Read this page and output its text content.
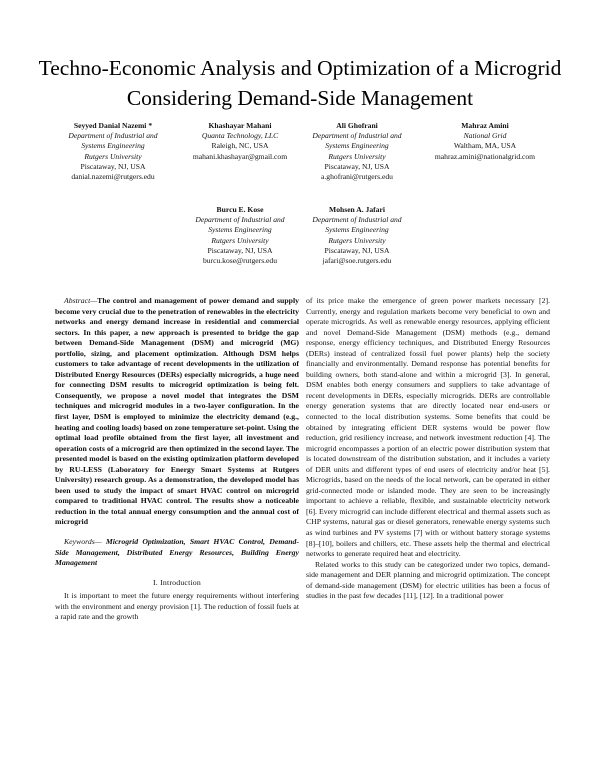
Techno-Economic Analysis and Optimization of a Microgrid Considering Demand-Side Management
Seyyed Danial Nazemi *
Department of Industrial and
Systems Engineering
Rutgers University
Piscataway, NJ, USA
danial.nazemi@rutgers.edu
Khashayar Mahani
Quanta Technology, LLC
Raleigh, NC, USA
mahani.khashayar@gmail.com
Ali Ghofrani
Department of Industrial and
Systems Engineering
Rutgers University
Piscataway, NJ, USA
a.ghofrani@rutgers.edu
Mahraz Amini
National Grid
Waltham, MA, USA
mahraz.amini@nationalgrid.com
Burcu E. Kose
Department of Industrial and
Systems Engineering
Rutgers University
Piscataway, NJ, USA
burcu.kose@rutgers.edu
Mohsen A. Jafari
Department of Industrial and
Systems Engineering
Rutgers University
Piscataway, NJ, USA
jafari@soe.rutgers.edu

Abstract—The control and management of power demand and supply become very crucial due to the penetration of renewables in the electricity networks and energy demand increase in residential and commercial sectors. In this paper, a new approach is presented to bridge the gap between Demand-Side Management (DSM) and microgrid (MG) portfolio, sizing, and placement optimization. Although DSM helps customers to take advantage of recent developments in the utilization of Distributed Energy Resources (DERs) especially microgrids, a huge need for connecting DSM results to microgrid optimization is being felt. Consequently, we propose a novel model that integrates the DSM techniques and microgrid modules in a two-layer configuration. In the first layer, DSM is employed to minimize the electricity demand (e.g., heating and cooling loads) based on zone temperature set-point. Using the optimal load profile obtained from the first layer, all investment and operation costs of a microgrid are then optimized in the second layer. The presented model is based on the existing optimization platform developed by RU-LESS (Laboratory for Energy Smart Systems at Rutgers University) research group. As a demonstration, the developed model has been used to study the impact of smart HVAC control on microgrid compared to traditional HVAC control. The results show a noticeable reduction in the total annual energy consumption and the annual cost of microgrid

Keywords— Microgrid Optimization, Smart HVAC Control, Demand-Side Management, Distributed Energy Resources, Building Energy Management

I. Introduction

It is important to meet the future energy requirements without interfering with the environment and energy provision [1]. The reduction of fossil fuels at a rapid rate and the growth

of its price make the emergence of green power markets necessary [2]. Currently, energy and regulation markets become very beneficial to own and operate microgrids. As well as renewable energy resources, applying efficient and novel Demand-Side Management (DSM) methods (e.g., demand response, energy efficiency techniques, and Distributed Energy Resources (DERs) instead of centralized fossil fuel power plants) help the society financially and environmentally. Demand response has potential benefits for building owners, both stand-alone and within a microgrid [3]. In general, DSM enables both energy consumers and suppliers to take advantage of recent developments in DERs, especially microgrids. DERs are controllable energy generation systems that are directly located near end-users or connected to the local distribution systems. Some benefits that could be obtained by integrating efficient DER systems would be power flow reduction, grid resiliency increase, and network investment reduction [4]. The microgrid encompasses a portion of an electric power distribution system that is located downstream of the distribution substation, and it includes a variety of DER units and different types of end users of electricity and/or heat [5]. Microgrids, based on the needs of the local network, can be operated in either grid-connected mode or islanded mode. They are seen to be increasingly important to achieve a reliable, flexible, and sustainable electricity network [6]. Every microgrid can include different electrical and thermal assets such as CHP systems, natural gas or diesel generators, renewable energy systems such as wind turbines and PV systems [7] with or without battery storage systems [8]–[10], boilers and chillers, etc. These assets help the thermal and electrical networks to generate required heat and electricity.

Related works to this study can be categorized under two topics, demand-side management and DER planning and microgrid optimization. The concept of demand-side management (DSM) for electric utilities has been a focus of studies in the past few decades [11], [12]. In a traditional power
